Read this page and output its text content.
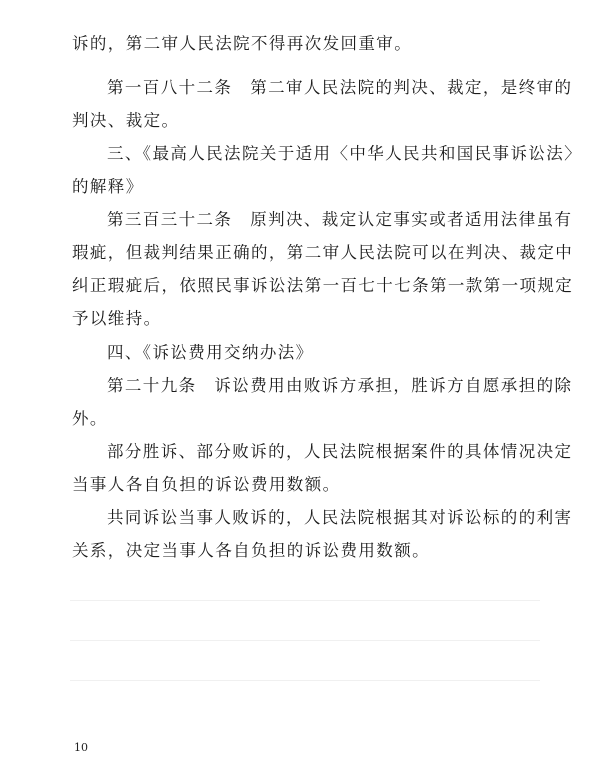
诉的，第二审人民法院不得再次发回重审。
第一百八十二条　第二审人民法院的判决、裁定，是终审的
判决、裁定。
三、《最高人民法院关于适用〈中华人民共和国民事诉讼法〉
的解释》
第三百三十二条　原判决、裁定认定事实或者适用法律虽有
瑕疵，但裁判结果正确的，第二审人民法院可以在判决、裁定中
纠正瑕疵后，依照民事诉讼法第一百七十七条第一款第一项规定
予以维持。
四、《诉讼费用交纳办法》
第二十九条　诉讼费用由败诉方承担，胜诉方自愿承担的除
外。
部分胜诉、部分败诉的，人民法院根据案件的具体情况决定
当事人各自负担的诉讼费用数额。
共同诉讼当事人败诉的，人民法院根据其对诉讼标的的利害
关系，决定当事人各自负担的诉讼费用数额。
10
